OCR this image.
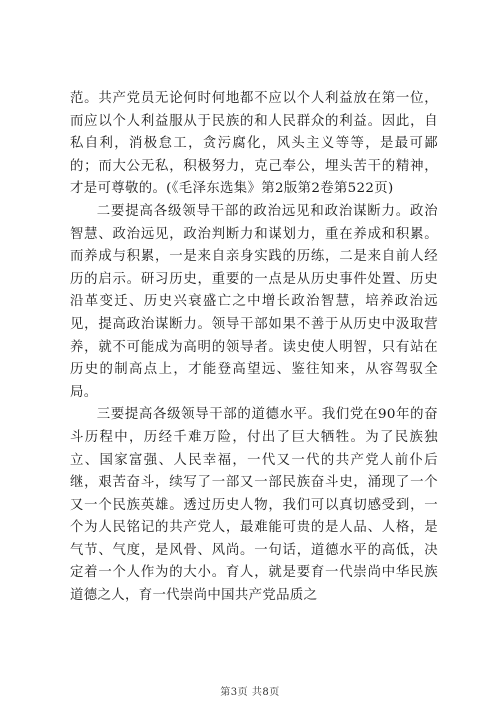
范。共产党员无论何时何地都不应以个人利益放在第一位，而应以个人利益服从于民族的和人民群众的利益。因此，自私自利，消极怠工，贪污腐化，风头主义等等，是最可鄙的；而大公无私，积极努力，克己奉公，埋头苦干的精神，才是可尊敬的。(《毛泽东选集》第2版第2卷第522页)

二要提高各级领导干部的政治远见和政治谋断力。政治智慧、政治远见，政治判断力和谋划力，重在养成和积累。而养成与积累，一是来自亲身实践的历练，二是来自前人经历的启示。研习历史，重要的一点是从历史事件处置、历史沿革变迁、历史兴衰盛亡之中增长政治智慧，培养政治远见，提高政治谋断力。领导干部如果不善于从历史中汲取营养，就不可能成为高明的领导者。读史使人明智，只有站在历史的制高点上，才能登高望远、鉴往知来，从容驾驭全局。

三要提高各级领导干部的道德水平。我们党在90年的奋斗历程中，历经千难万险，付出了巨大牺牲。为了民族独立、国家富强、人民幸福，一代又一代的共产党人前仆后继，艰苦奋斗，续写了一部又一部民族奋斗史，涌现了一个又一个民族英雄。透过历史人物，我们可以真切感受到，一个为人民铭记的共产党人，最难能可贵的是人品、人格，是气节、气度，是风骨、风尚。一句话，道德水平的高低，决定着一个人作为的大小。育人，就是要育一代崇尚中华民族道德之人，育一代崇尚中国共产党品质之

第3页 共8页
